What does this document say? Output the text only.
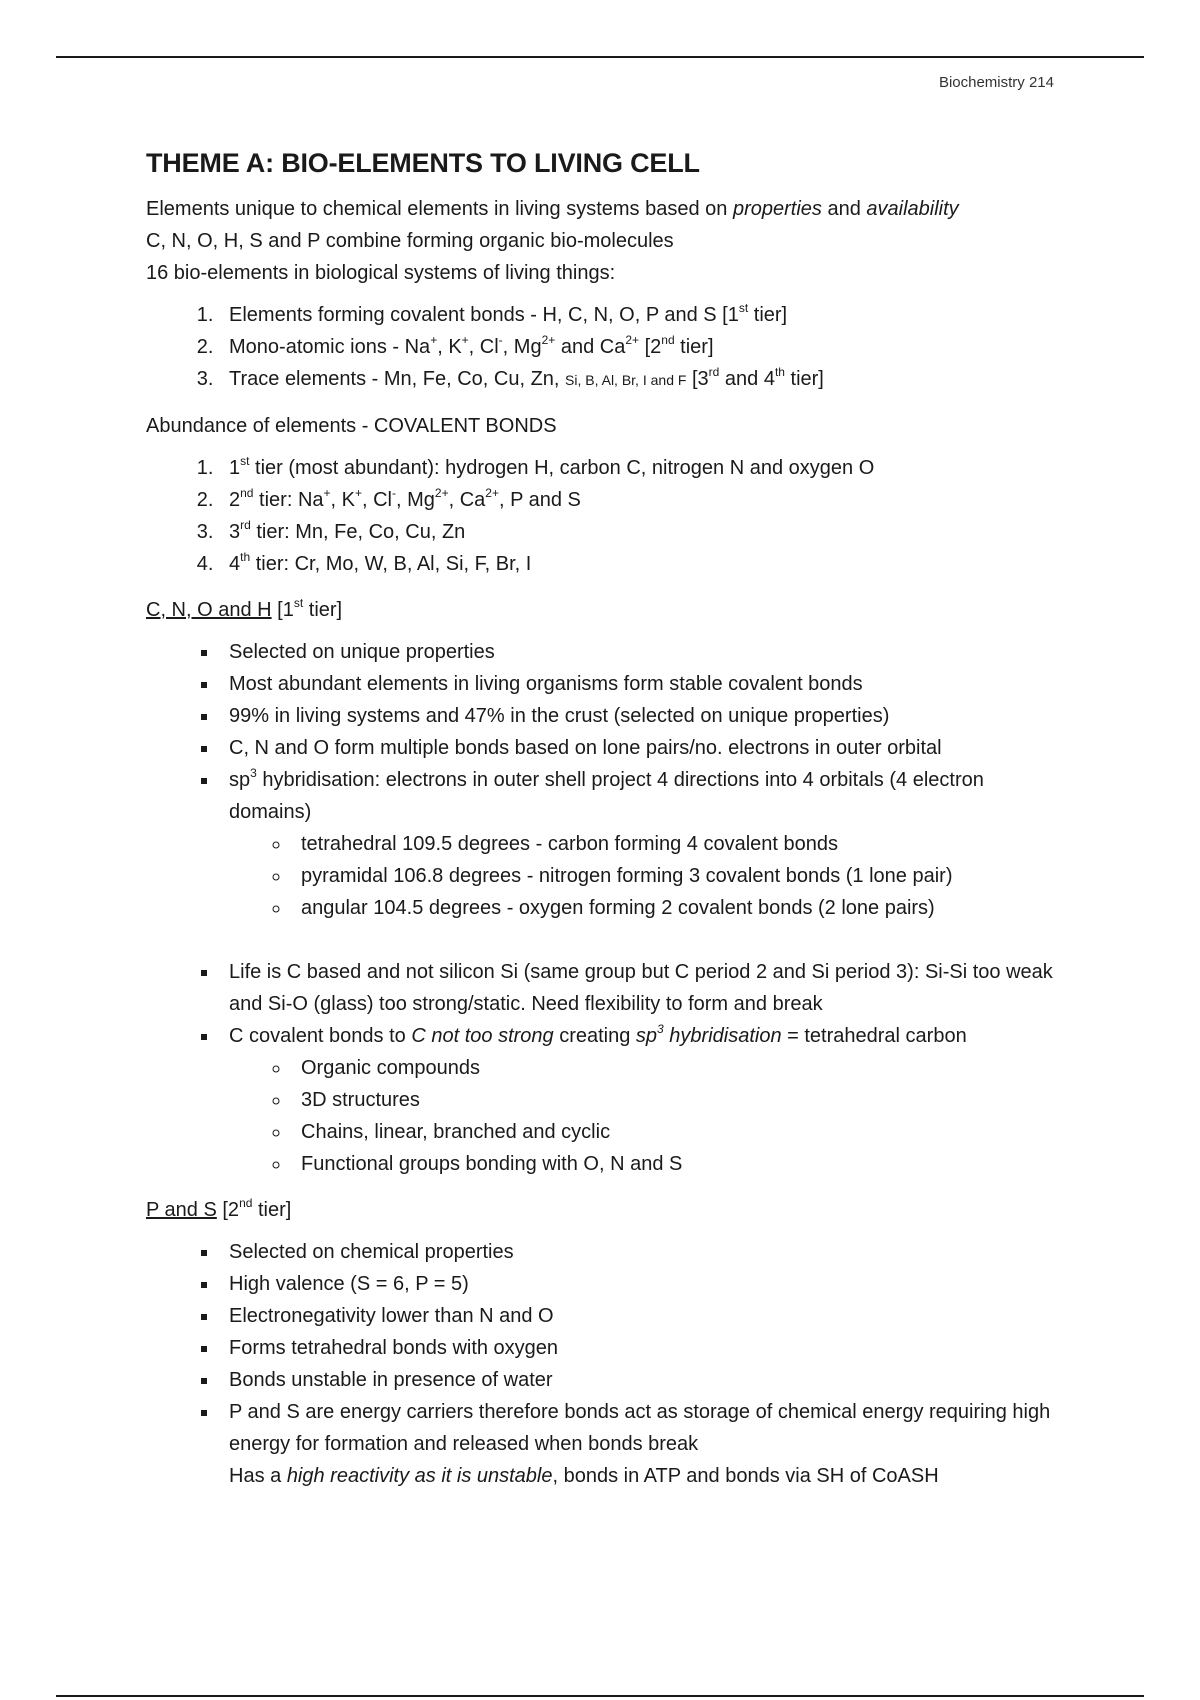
Biochemistry 214
THEME A: BIO-ELEMENTS TO LIVING CELL

Elements unique to chemical elements in living systems based on properties and availability

C, N, O, H, S and P combine forming organic bio-molecules

16 bio-elements in biological systems of living things:

1. Elements forming covalent bonds - H, C, N, O, P and S [1st tier]
2. Mono-atomic ions - Na+, K+, Cl-, $Mg^{2+}$ and $Ca^{2+}$ [2nd tier]
3. Trace elements - Mn, Fe, Co, Cu, Zn, Si, B, Al, Br, I and F [3rd and 4th tier]

Abundance of elements - COVALENT BONDS

1. 1st tier (most abundant): hydrogen H, carbon C, nitrogen N and oxygen O
2. 2nd tier: Na+, K+, Cl-, $Mg^{2+}$, $Ca^{2+}$, P and S
3. 3rd tier: Mn, Fe, Co, Cu, Zn
4. 4th tier: Cr, Mo, W, B, Al, Si, F, Br, I

C, N, O and H [1st tier]

▪ Selected on unique properties
▪ Most abundant elements in living organisms form stable covalent bonds
▪ 99% in living systems and 47% in the crust (selected on unique properties)
▪ C, N and O form multiple bonds based on lone pairs/no. electrons in outer orbital
▪ $sp^3$ hybridisation: electrons in outer shell project 4 directions into 4 orbitals (4 electron domains)
◦ tetrahedral 109.5 degrees - carbon forming 4 covalent bonds
◦ pyramidal 106.8 degrees - nitrogen forming 3 covalent bonds (1 lone pair)
◦ angular 104.5 degrees - oxygen forming 2 covalent bonds (2 lone pairs)
▪ Life is C based and not silicon Si (same group but C period 2 and Si period 3): Si-Si too weak and Si-O (glass) too strong/static. Need flexibility to form and break
▪ C covalent bonds to C not too strong creating $sp^3$ hybridisation = tetrahedral carbon
◦ Organic compounds
◦ 3D structures
◦ Chains, linear, branched and cyclic
◦ Functional groups bonding with O, N and S

P and S [2nd tier]

▪ Selected on chemical properties
▪ High valence (S = 6, P = 5)
▪ Electronegativity lower than N and O
▪ Forms tetrahedral bonds with oxygen
▪ Bonds unstable in presence of water
▪ P and S are energy carriers therefore bonds act as storage of chemical energy requiring high energy for formation and released when bonds break
Has a high reactivity as it is unstable, bonds in ATP and bonds via SH of CoASH
